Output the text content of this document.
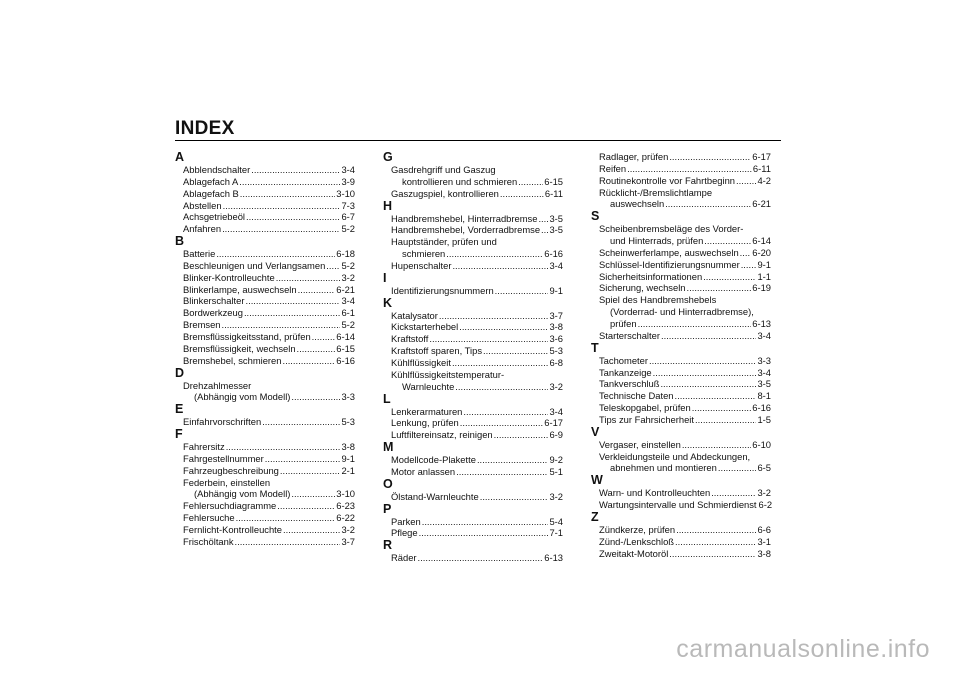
INDEX
A
Abblendschalter .....	3-4
Ablagefach A .....	3-9
Ablagefach B .....	3-10
Abstellen .....	7-3
Achsgetriebeöl .....	6-7
Anfahren .....	5-2
B
Batterie .....	6-18
Beschleunigen und Verlangsamen ..... 5-2
Blinker-Kontrolleuchte .....	3-2
Blinkerlampe, auswechseln .....	6-21
Blinkerschalter .....	3-4
Bordwerkzeug .....	6-1
Bremsen .....	5-2
Bremsflüssigkeitsstand, prüfen .....	6-14
Bremsflüssigkeit, wechseln .....	6-15
Bremshebel, schmieren .....	6-16
D
Drehzahlmesser
(Abhängig vom Modell) .....	3-3
E
Einfahrvorschriften .....	5-3
F
Fahrersitz .....	3-8
Fahrgestellnummer .....	9-1
Fahrzeugbeschreibung .....	2-1
Federbein, einstellen
(Abhängig vom Modell) .....	3-10
Fehlersuchdiagramme .....	6-23
Fehlersuche .....	6-22
Fernlicht-Kontrolleuchte .....	3-2
Frischöltank .....	3-7
G
Gasdrehgriff und Gaszug
kontrollieren und schmieren .....	6-15
Gaszugspiel, kontrollieren .....	6-11
H
Handbremshebel, Hinterradbremse ..... 3-5
Handbremshebel, Vorderradbremse ..... 3-5
Hauptständer, prüfen und
schmieren .....	6-16
Hupenschalter .....	3-4
I
Identifizierungsnummern .....	9-1
K
Katalysator .....	3-7
Kickstarterhebel .....	3-8
Kraftstoff .....	3-6
Kraftstoff sparen, Tips .....	5-3
Kühlflüssigkeit .....	6-8
Kühlflüssigkeitstemperatur-
Warnleuchte .....	3-2
L
Lenkerarmaturen .....	3-4
Lenkung, prüfen .....	6-17
Luftfiltereinsatz, reinigen .....	6-9
M
Modellcode-Plakette .....	9-2
Motor anlassen .....	5-1
O
Ölstand-Warnleuchte .....	3-2
P
Parken .....	5-4
Pflege .....	7-1
R
Räder .....	6-13
Radlager, prüfen .....	6-17
Reifen .....	6-11
Routinekontrolle vor Fahrtbeginn ..... 4-2
Rücklicht-/Bremslichtlampe
auswechseln .....	6-21
S
Scheibenbremsbeläge des Vorder-
und Hinterrads, prüfen .....	6-14
Scheinwerferlampe, auswechseln ..... 6-20
Schlüssel-Identifizierungsnummer ..... 9-1
Sicherheitsinformationen .....	1-1
Sicherung, wechseln .....	6-19
Spiel des Handbremshebels
(Vorderrad- und Hinterradbremse),
prüfen .....	6-13
Starterschalter .....	3-4
T
Tachometer .....	3-3
Tankanzeige .....	3-4
Tankverschluß .....	3-5
Technische Daten .....	8-1
Teleskopgabel, prüfen .....	6-16
Tips zur Fahrsicherheit .....	1-5
V
Vergaser, einstellen .....	6-10
Verkleidungsteile und Abdeckungen,
abnehmen und montieren .....	6-5
W
Warn- und Kontrolleuchten .....	3-2
Wartungsintervalle und Schmierdienst 6-2
Z
Zündkerze, prüfen .....	6-6
Zünd-/Lenkschloß .....	3-1
Zweitakt-Motoröl .....	3-8
carmanualsonline.info
